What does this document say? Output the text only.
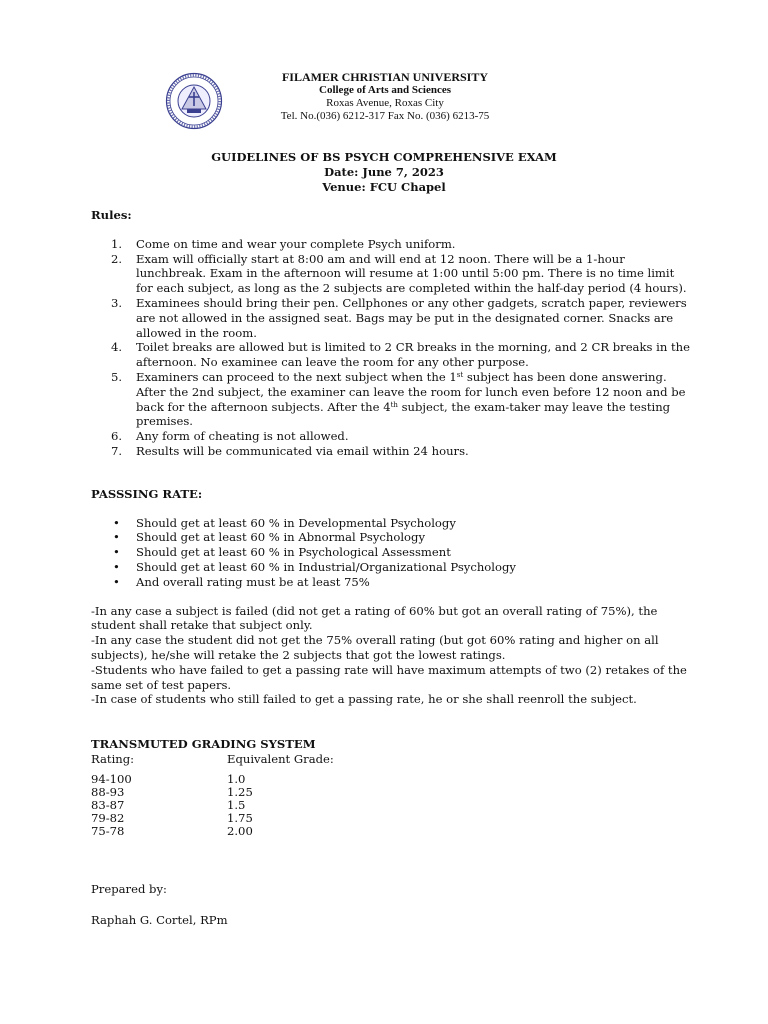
FILAMER CHRISTIAN UNIVERSITY
College of Arts and Sciences
Roxas Avenue, Roxas City
Tel. No.(036) 6212-317 Fax No. (036) 6213-75
GUIDELINES OF BS PSYCH COMPREHENSIVE EXAM
Date: June 7, 2023
Venue: FCU Chapel
Rules:
1. Come on time and wear your complete Psych uniform.
2. Exam will officially start at 8:00 am and will end at 12 noon. There will be a 1-hour lunchbreak. Exam in the afternoon will resume at 1:00 until 5:00 pm. There is no time limit for each subject, as long as the 2 subjects are completed within the half-day period (4 hours).
3. Examinees should bring their pen. Cellphones or any other gadgets, scratch paper, reviewers are not allowed in the assigned seat. Bags may be put in the designated corner. Snacks are allowed in the room.
4. Toilet breaks are allowed but is limited to 2 CR breaks in the morning, and 2 CR breaks in the afternoon. No examinee can leave the room for any other purpose.
5. Examiners can proceed to the next subject when the 1st subject has been done answering. After the 2nd subject, the examiner can leave the room for lunch even before 12 noon and be back for the afternoon subjects. After the 4th subject, the exam-taker may leave the testing premises.
6. Any form of cheating is not allowed.
7. Results will be communicated via email within 24 hours.
PASSSING RATE:
• Should get at least 60 % in Developmental Psychology
• Should get at least 60 % in Abnormal Psychology
• Should get at least 60 % in Psychological Assessment
• Should get at least 60 % in Industrial/Organizational Psychology
• And overall rating must be at least 75%

-In any case a subject is failed (did not get a rating of 60% but got an overall rating of 75%), the student shall retake that subject only.

-In any case the student did not get the 75% overall rating (but got 60% rating and higher on all subjects), he/she will retake the 2 subjects that got the lowest ratings.

-Students who have failed to get a passing rate will have maximum attempts of two (2) retakes of the same set of test papers.

-In case of students who still failed to get a passing rate, he or she shall reenroll the subject.

TRANSMUTED GRADING SYSTEM
Rating:	Equivalent Grade:
94-100	1.0
88-93	1.25
83-87	1.5
79-82	1.75
75-78	2.00
Prepared by:
Raphah G. Cortel, RPm
